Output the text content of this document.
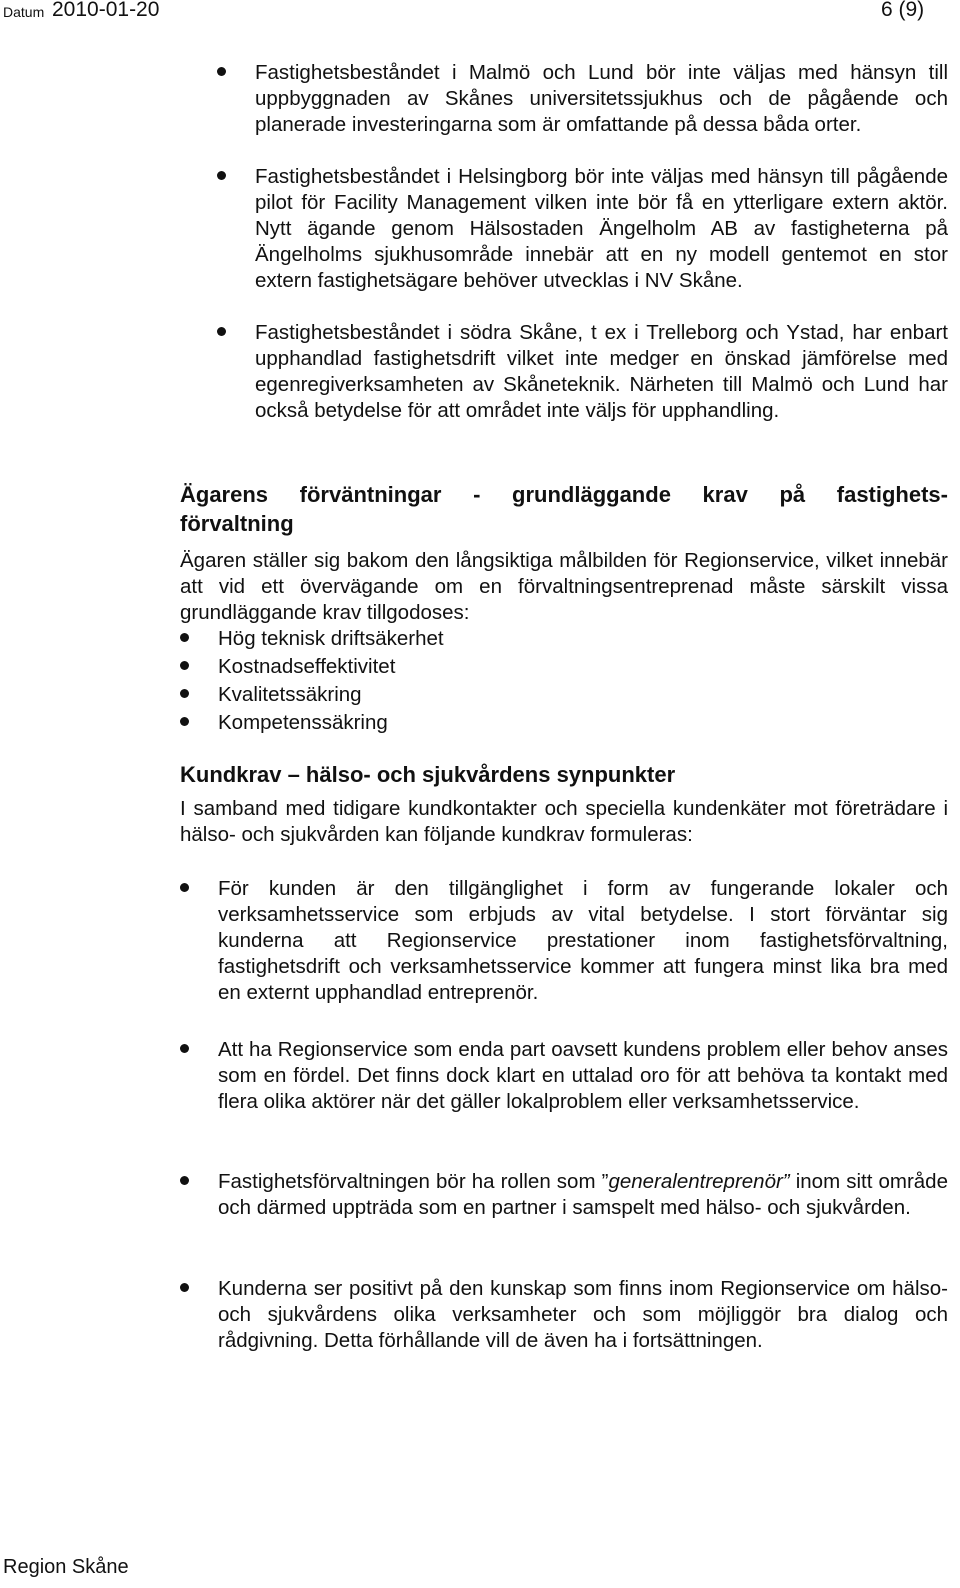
Datum 2010-01-20	6 (9)

Fastighetsbeståndet i Malmö och Lund bör inte väljas med hänsyn till uppbyggnaden av Skånes universitetssjukhus och de pågående och planerade investeringarna som är omfattande på dessa båda orter.

Fastighetsbeståndet i Helsingborg bör inte väljas med hänsyn till pågående pilot för Facility Management vilken inte bör få en ytterligare extern aktör. Nytt ägande genom Hälsostaden Ängelholm AB av fastigheterna på Ängelholms sjukhusområde innebär att en ny modell gentemot en stor extern fastighetsägare behöver utvecklas i NV Skåne.

Fastighetsbeståndet i södra Skåne, t ex i Trelleborg och Ystad, har enbart upphandlad fastighetsdrift vilket inte medger en önskad jämförelse med egenregiverksamheten av Skåneteknik. Närheten till Malmö och Lund har också betydelse för att området inte väljs för upphandling.

Ägarens förväntningar - grundläggande krav på fastighets-
förvaltning

Ägaren ställer sig bakom den långsiktiga målbilden för Regionservice, vilket innebär att vid ett övervägande om en förvaltningsentreprenad måste särskilt vissa grundläggande krav tillgodoses:

Hög teknisk driftsäkerhet

Kostnadseffektivitet

Kvalitetssäkring

Kompetenssäkring

Kundkrav – hälso- och sjukvårdens synpunkter

I samband med tidigare kundkontakter och speciella kundenkäter mot företrädare i hälso- och sjukvården kan följande kundkrav formuleras:

För kunden är den tillgänglighet i form av fungerande lokaler och verksamhetsservice som erbjuds av vital betydelse. I stort förväntar sig kunderna att Regionservice prestationer inom fastighetsförvaltning, fastighetsdrift och verksamhetsservice kommer att fungera minst lika bra med en externt upphandlad entreprenör.

Att ha Regionservice som enda part oavsett kundens problem eller behov anses som en fördel. Det finns dock klart en uttalad oro för att behöva ta kontakt med flera olika aktörer när det gäller lokalproblem eller verksamhetsservice.

Fastighetsförvaltningen bör ha rollen som ”generalentreprenör” inom sitt område och därmed uppträda som en partner i samspelt med hälso- och sjukvården.

Kunderna ser positivt på den kunskap som finns inom Regionservice om hälso- och sjukvårdens olika verksamheter och som möjliggör bra dialog och rådgivning. Detta förhållande vill de även ha i fortsättningen.

Region Skåne
